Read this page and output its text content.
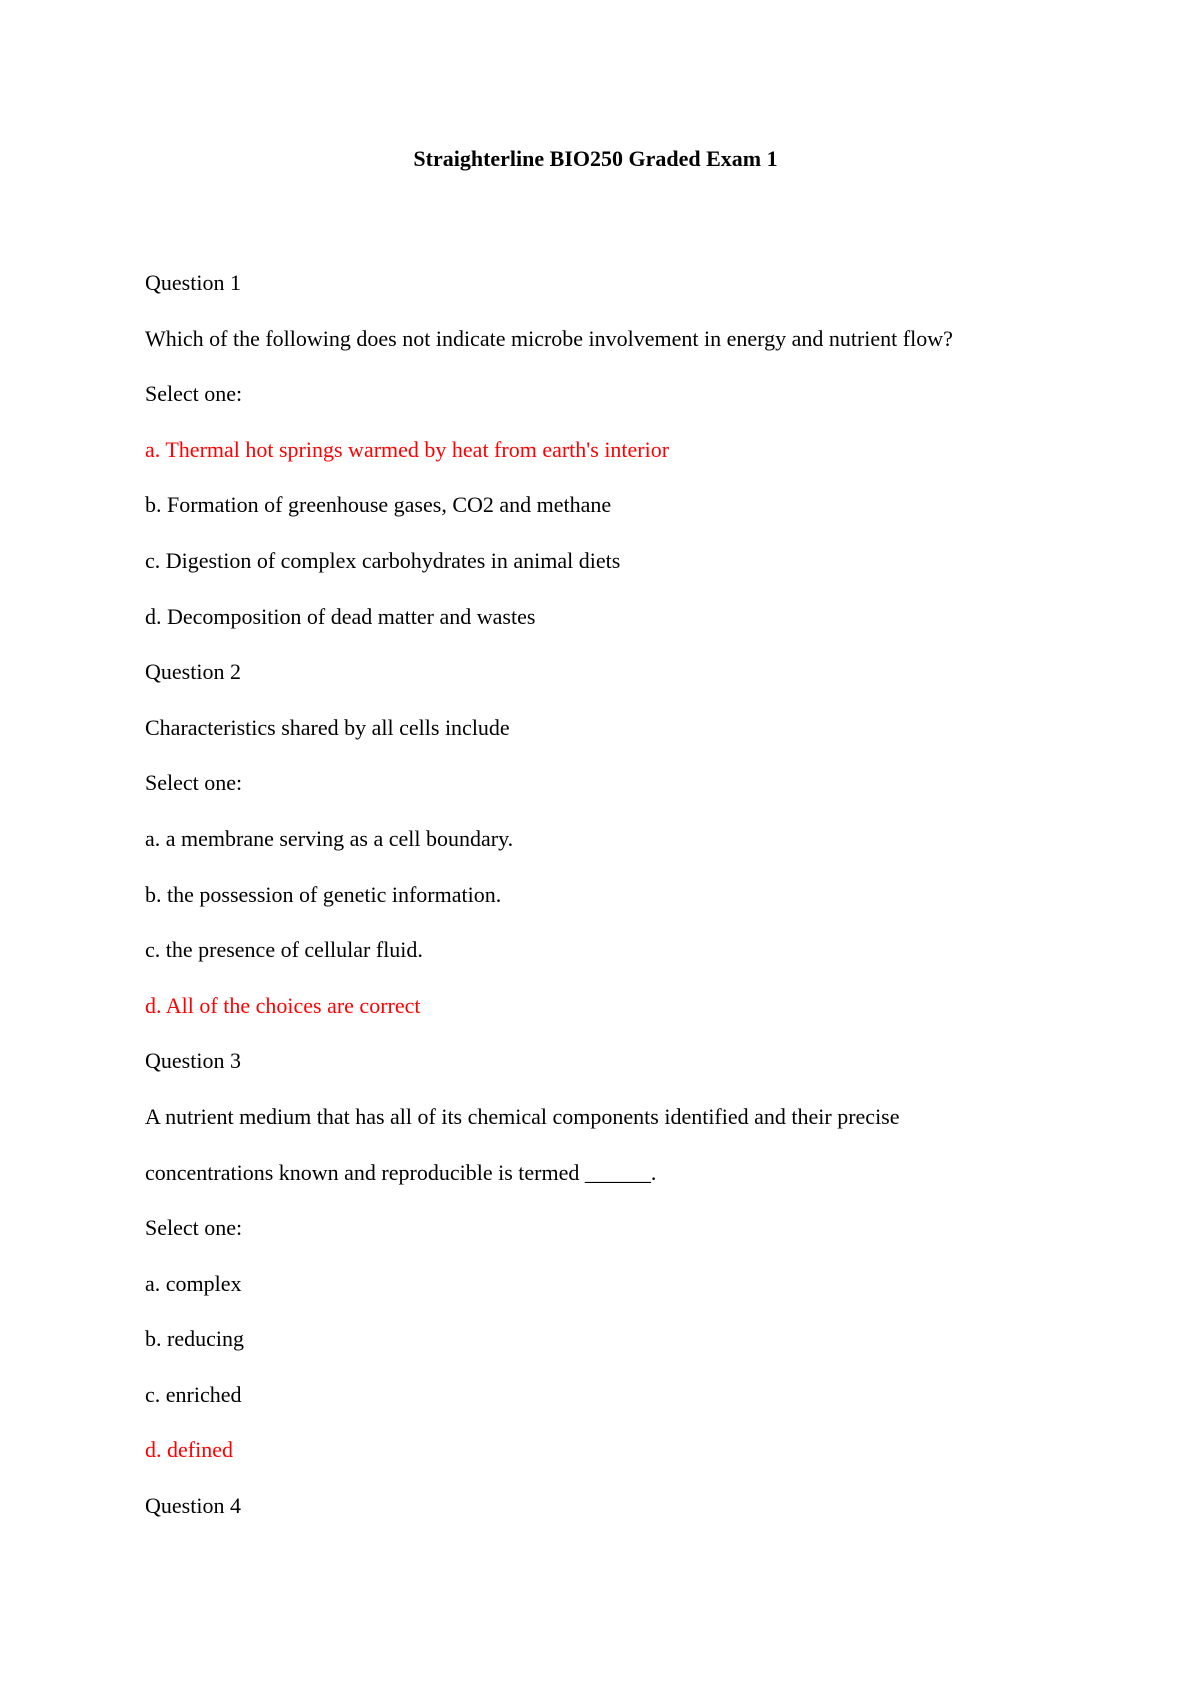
Straighterline BIO250 Graded Exam 1
Question 1
Which of the following does not indicate microbe involvement in energy and nutrient flow?
Select one:
a. Thermal hot springs warmed by heat from earth's interior
b. Formation of greenhouse gases, CO2 and methane
c. Digestion of complex carbohydrates in animal diets
d. Decomposition of dead matter and wastes
Question 2
Characteristics shared by all cells include
Select one:
a. a membrane serving as a cell boundary.
b. the possession of genetic information.
c. the presence of cellular fluid.
d. All of the choices are correct
Question 3
A nutrient medium that has all of its chemical components identified and their precise
concentrations known and reproducible is termed ______.
Select one:
a. complex
b. reducing
c. enriched
d. defined
Question 4
